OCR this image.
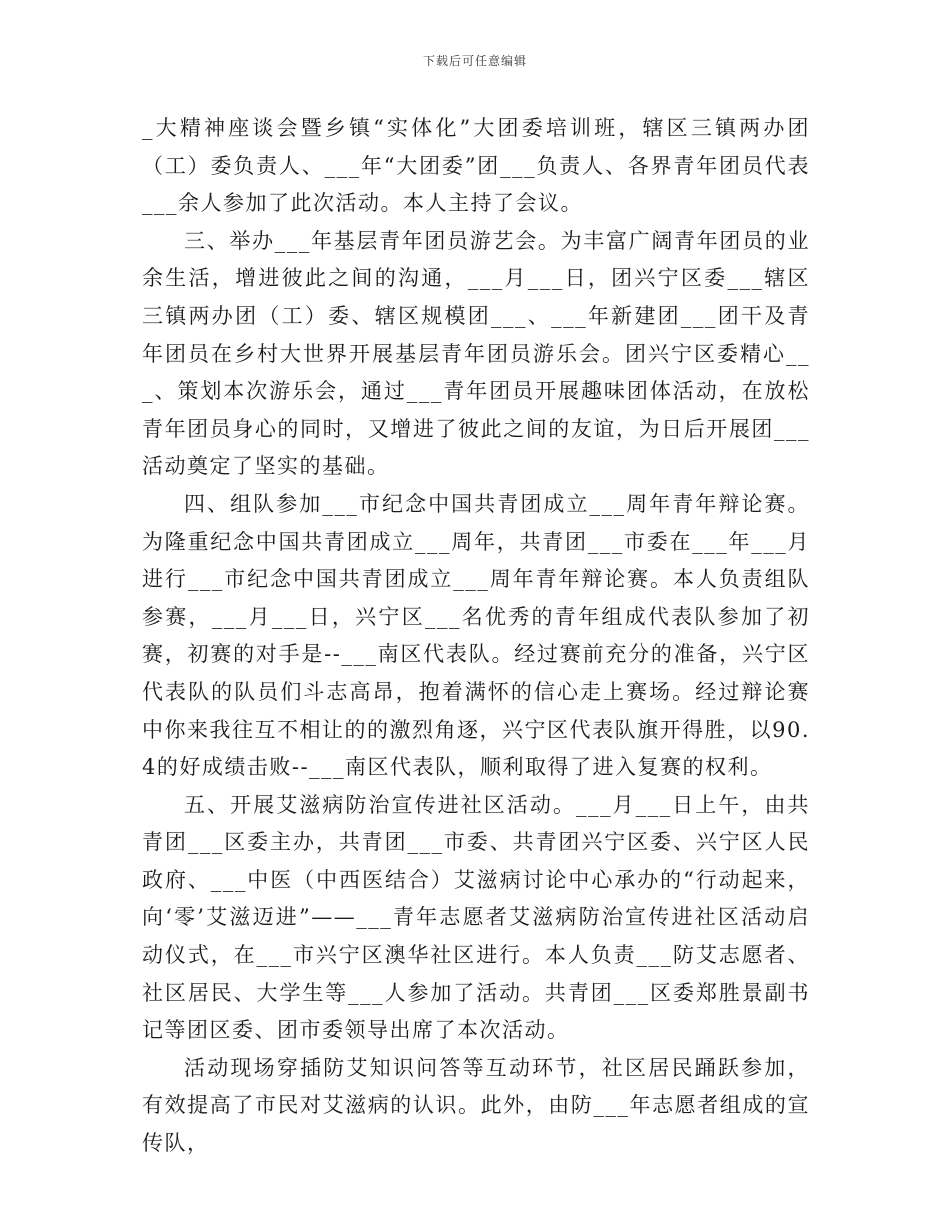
下载后可任意编辑

_大精神座谈会暨乡镇“实体化”大团委培训班，辖区三镇两办团（工）委负责人、___年“大团委”团___负责人、各界青年团员代表___余人参加了此次活动。本人主持了会议。

三、举办___年基层青年团员游艺会。为丰富广阔青年团员的业余生活，增进彼此之间的沟通，___月___日，团兴宁区委___辖区三镇两办团（工）委、辖区规模团___、___年新建团___团干及青年团员在乡村大世界开展基层青年团员游乐会。团兴宁区委精心___、策划本次游乐会，通过___青年团员开展趣味团体活动，在放松青年团员身心的同时，又增进了彼此之间的友谊，为日后开展团___活动奠定了坚实的基础。

四、组队参加___市纪念中国共青团成立___周年青年辩论赛。为隆重纪念中国共青团成立___周年，共青团___市委在___年___月进行___市纪念中国共青团成立___周年青年辩论赛。本人负责组队参赛，___月___日，兴宁区___名优秀的青年组成代表队参加了初赛，初赛的对手是--___南区代表队。经过赛前充分的准备，兴宁区代表队的队员们斗志高昂，抱着满怀的信心走上赛场。经过辩论赛中你来我往互不相让的的激烈角逐，兴宁区代表队旗开得胜，以90.4的好成绩击败--___南区代表队，顺利取得了进入复赛的权利。

五、开展艾滋病防治宣传进社区活动。___月___日上午，由共青团___区委主办，共青团___市委、共青团兴宁区委、兴宁区人民政府、___中医（中西医结合）艾滋病讨论中心承办的“行动起来，向‘零’艾滋迈进”——___青年志愿者艾滋病防治宣传进社区活动启动仪式，在___市兴宁区澳华社区进行。本人负责___防艾志愿者、社区居民、大学生等___人参加了活动。共青团___区委郑胜景副书记等团区委、团市委领导出席了本次活动。

活动现场穿插防艾知识问答等互动环节，社区居民踊跃参加，有效提高了市民对艾滋病的认识。此外，由防___年志愿者组成的宣传队，
